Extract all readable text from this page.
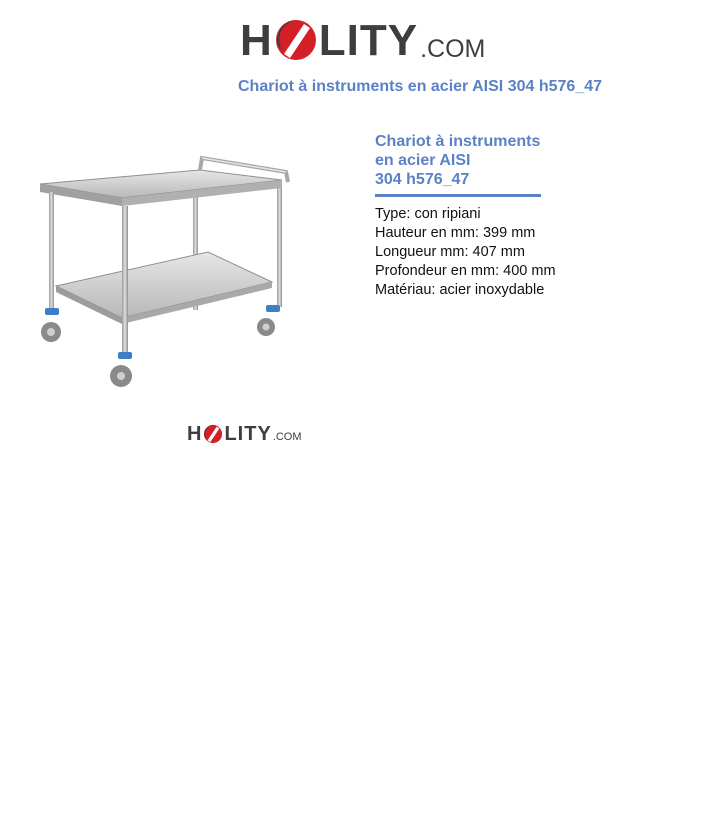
H LITY .COM
Chariot à instruments en acier AISI 304 h576_47
Chariot à instruments
en acier AISI
304 h576_47
Type: con ripiani
Hauteur en mm: 399 mm
Longueur mm: 407 mm
Profondeur en mm: 400 mm
Matériau: acier inoxydable
H LITY .COM
